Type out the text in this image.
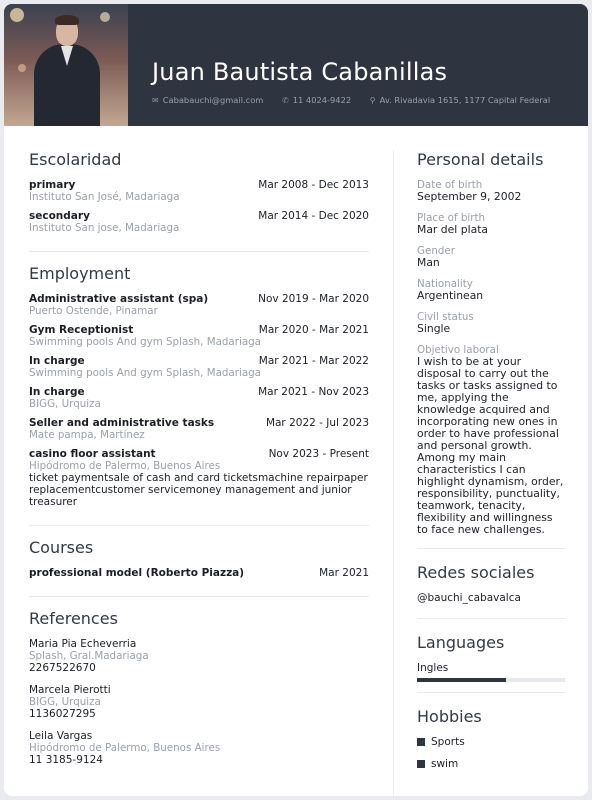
Juan Bautista Cabanillas
✉ Cababauchi@gmail.com ✆ 11 4024-9422 ⚲ Av. Rivadavia 1615, 1177 Capital Federal
Escolaridad
primary	Mar 2008 - Dec 2013
Instituto San José, Madariaga
secondary	Mar 2014 - Dec 2020
Instituto San jose, Madariaga
Employment
Administrative assistant (spa)	Nov 2019 - Mar 2020
Puerto Ostende, Pinamar
Gym Receptionist	Mar 2020 - Mar 2021
Swimming pools And gym Splash, Madariaga
In charge	Mar 2021 - Mar 2022
Swimming pools And gym Splash, Madariaga
In charge	Mar 2021 - Nov 2023
BIGG, Urquiza
Seller and administrative tasks	Mar 2022 - Jul 2023
Mate pampa, Martínez
casino floor assistant	Nov 2023 - Present
Hipódromo de Palermo, Buenos Aires
ticket paymentsale of cash and card ticketsmachine repairpaper replacementcustomer servicemoney management and junior treasurer
Courses
professional model (Roberto Piazza)	Mar 2021
References
Maria Pia Echeverria
Splash, Gral.Madariaga
2267522670
Marcela Pierotti
BIGG, Urquiza
1136027295
Leila Vargas
Hipódromo de Palermo, Buenos Aires
11 3185-9124
Personal details
Date of birth
September 9, 2002
Place of birth
Mar del plata
Gender
Man
Nationality
Argentinean
Civil status
Single
Objetivo laboral
I wish to be at your disposal to carry out the tasks or tasks assigned to me, applying the knowledge acquired and incorporating new ones in order to have professional and personal growth. Among my main characteristics I can highlight dynamism, order, responsibility, punctuality, teamwork, tenacity, flexibility and willingness to face new challenges.
Redes sociales
@bauchi_cabavalca
Languages
Ingles
Hobbies
Sports
swim
